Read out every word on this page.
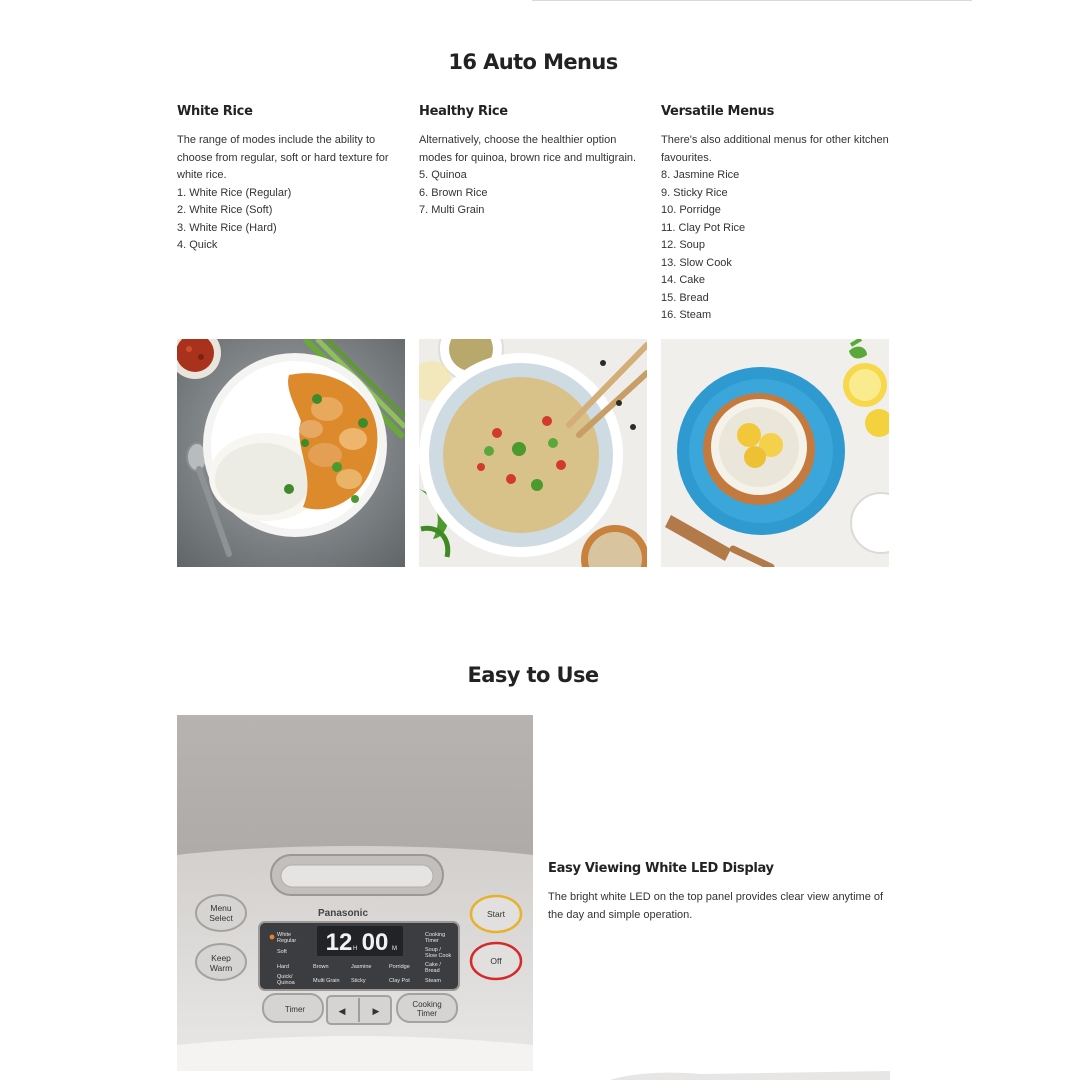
16 Auto Menus
White Rice

The range of modes include the ability to choose from regular, soft or hard texture for white rice.

1. White Rice (Regular)
2. White Rice (Soft)
3. White Rice (Hard)
4. Quick
Healthy Rice

Alternatively, choose the healthier option modes for quinoa, brown rice and multigrain.

5. Quinoa
6. Brown Rice
7. Multi Grain
Versatile Menus

There's also additional menus for other kitchen favourites.

8. Jasmine Rice
9. Sticky Rice
10. Porridge
11. Clay Pot Rice
12. Soup
13. Slow Cook
14. Cake
15. Bread
16. Steam
Easy to Use
Panasonic
12 H 00 M
White
Regular
Soft
Hard	Brown	Jasmine	Porridge
Quick/
Quinoa	Multi Grain Sticky	Clay Pot
Cooking
Timer
Soup /
Slow Cook
Cake /
Bread
Steam
Menu
Select
Keep
Warm
Start
Off
Timer	◀	▶
Cooking
Timer
Easy Viewing White LED Display

The bright white LED on the top panel provides clear view anytime of the day and simple operation.
